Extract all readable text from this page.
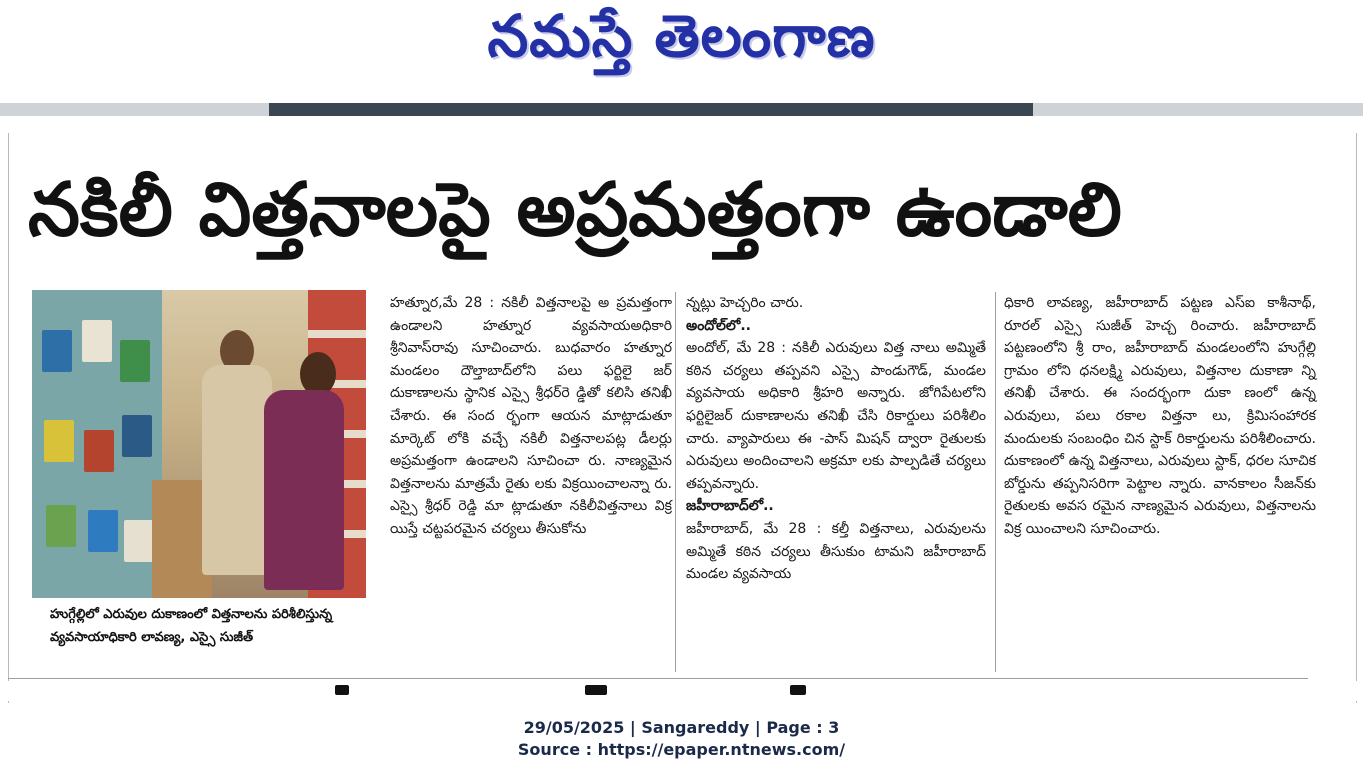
నమస్తే తెలంగాణ
నకిలీ విత్తనాలపై అప్రమత్తంగా ఉండాలి
హుగ్గేల్లిలో ఎరువుల దుకాణంలో విత్తనాలను పరిశీలిస్తున్న వ్యవసాయాధికారి లావణ్య, ఎస్సై సుజీత్

హత్నూర,మే 28 : నకిలీ విత్తనాలపై అ ప్రమత్తంగా ఉండాలని హత్నూర వ్యవసాయఅధికారి శ్రీనివాస్‌రావు సూచించారు. బుధవారం హత్నూర మండలం దౌల్తాబాద్‌లోని పలు ఫర్టిలై జర్ దుకాణాలను స్థానిక ఎస్సై శ్రీధర్‌రె డ్డితో కలిసి తనిఖీ చేశారు. ఈ సంద ర్భంగా ఆయన మాట్లాడుతూ మార్కెట్ లోకి వచ్చే నకిలీ విత్తనాలపట్ల డీలర్లు అప్రమత్తంగా ఉండాలని సూచించా రు. నాణ్యమైన విత్తనాలను మాత్రమే రైతు లకు విక్రయించాలన్నా రు. ఎస్సై శ్రీధర్ రెడ్డి మా ట్లాడుతూ నకిలీవిత్తనాలు విక్ర యిస్తే చట్టపరమైన చర్యలు తీసుకోను

న్నట్లు హెచ్చరిం చారు.

అందోల్‌లో..

అందోల్, మే 28 : నకిలీ ఎరువులు విత్త నాలు అమ్మితే కఠిన చర్యలు తప్పవని ఎస్సై పాండుగౌడ్, మండల వ్యవసాయ అధికారి శ్రీహరి అన్నారు. జోగిపేటలోని ఫర్టిలైజర్ దుకాణాలను తనిఖీ చేసి రికార్డులు పరిశీలిం చారు. వ్యాపారులు ఈ -పాస్ మిషన్ ద్వారా రైతులకు ఎరువులు అందించాలని అక్రమా లకు పాల్పడితే చర్యలు తప్పవన్నారు.

జహీరాబాద్‌లో..

జహీరాబాద్, మే 28 : కల్తీ విత్తనాలు, ఎరువులను అమ్మితే కఠిన చర్యలు తీసుకుం టామని జహీరాబాద్ మండల వ్యవసాయ

ధికారి లావణ్య, జహీరాబాద్ పట్టణ ఎస్ఐ కాశీనాథ్, రూరల్ ఎస్సై సుజీత్ హెచ్చ రించారు. జహీరాబాద్ పట్టణంలోని శ్రీ రాం, జహీరాబాద్ మండలంలోని హుగ్గేల్లి గ్రామం లోని ధనలక్ష్మి ఎరువులు, విత్తనాల దుకాణా న్ని తనిఖీ చేశారు. ఈ సందర్భంగా దుకా ణంలో ఉన్న ఎరువులు, పలు రకాల విత్తనా లు, క్రిమిసంహారక మందులకు సంబంధిం చిన స్టాక్ రికార్డులను పరిశీలించారు. దుకాణంలో ఉన్న విత్తనాలు, ఎరువులు స్టాక్, ధరల సూచిక బోర్డును తప్పనిసరిగా పెట్టాల న్నారు. వానకాలం సీజన్‌కు రైతులకు అవస రమైన నాణ్యమైన ఎరువులు, విత్తనాలను విక్ర యించాలని సూచించారు.

29/05/2025 | Sangareddy | Page : 3
Source : https://epaper.ntnews.com/
